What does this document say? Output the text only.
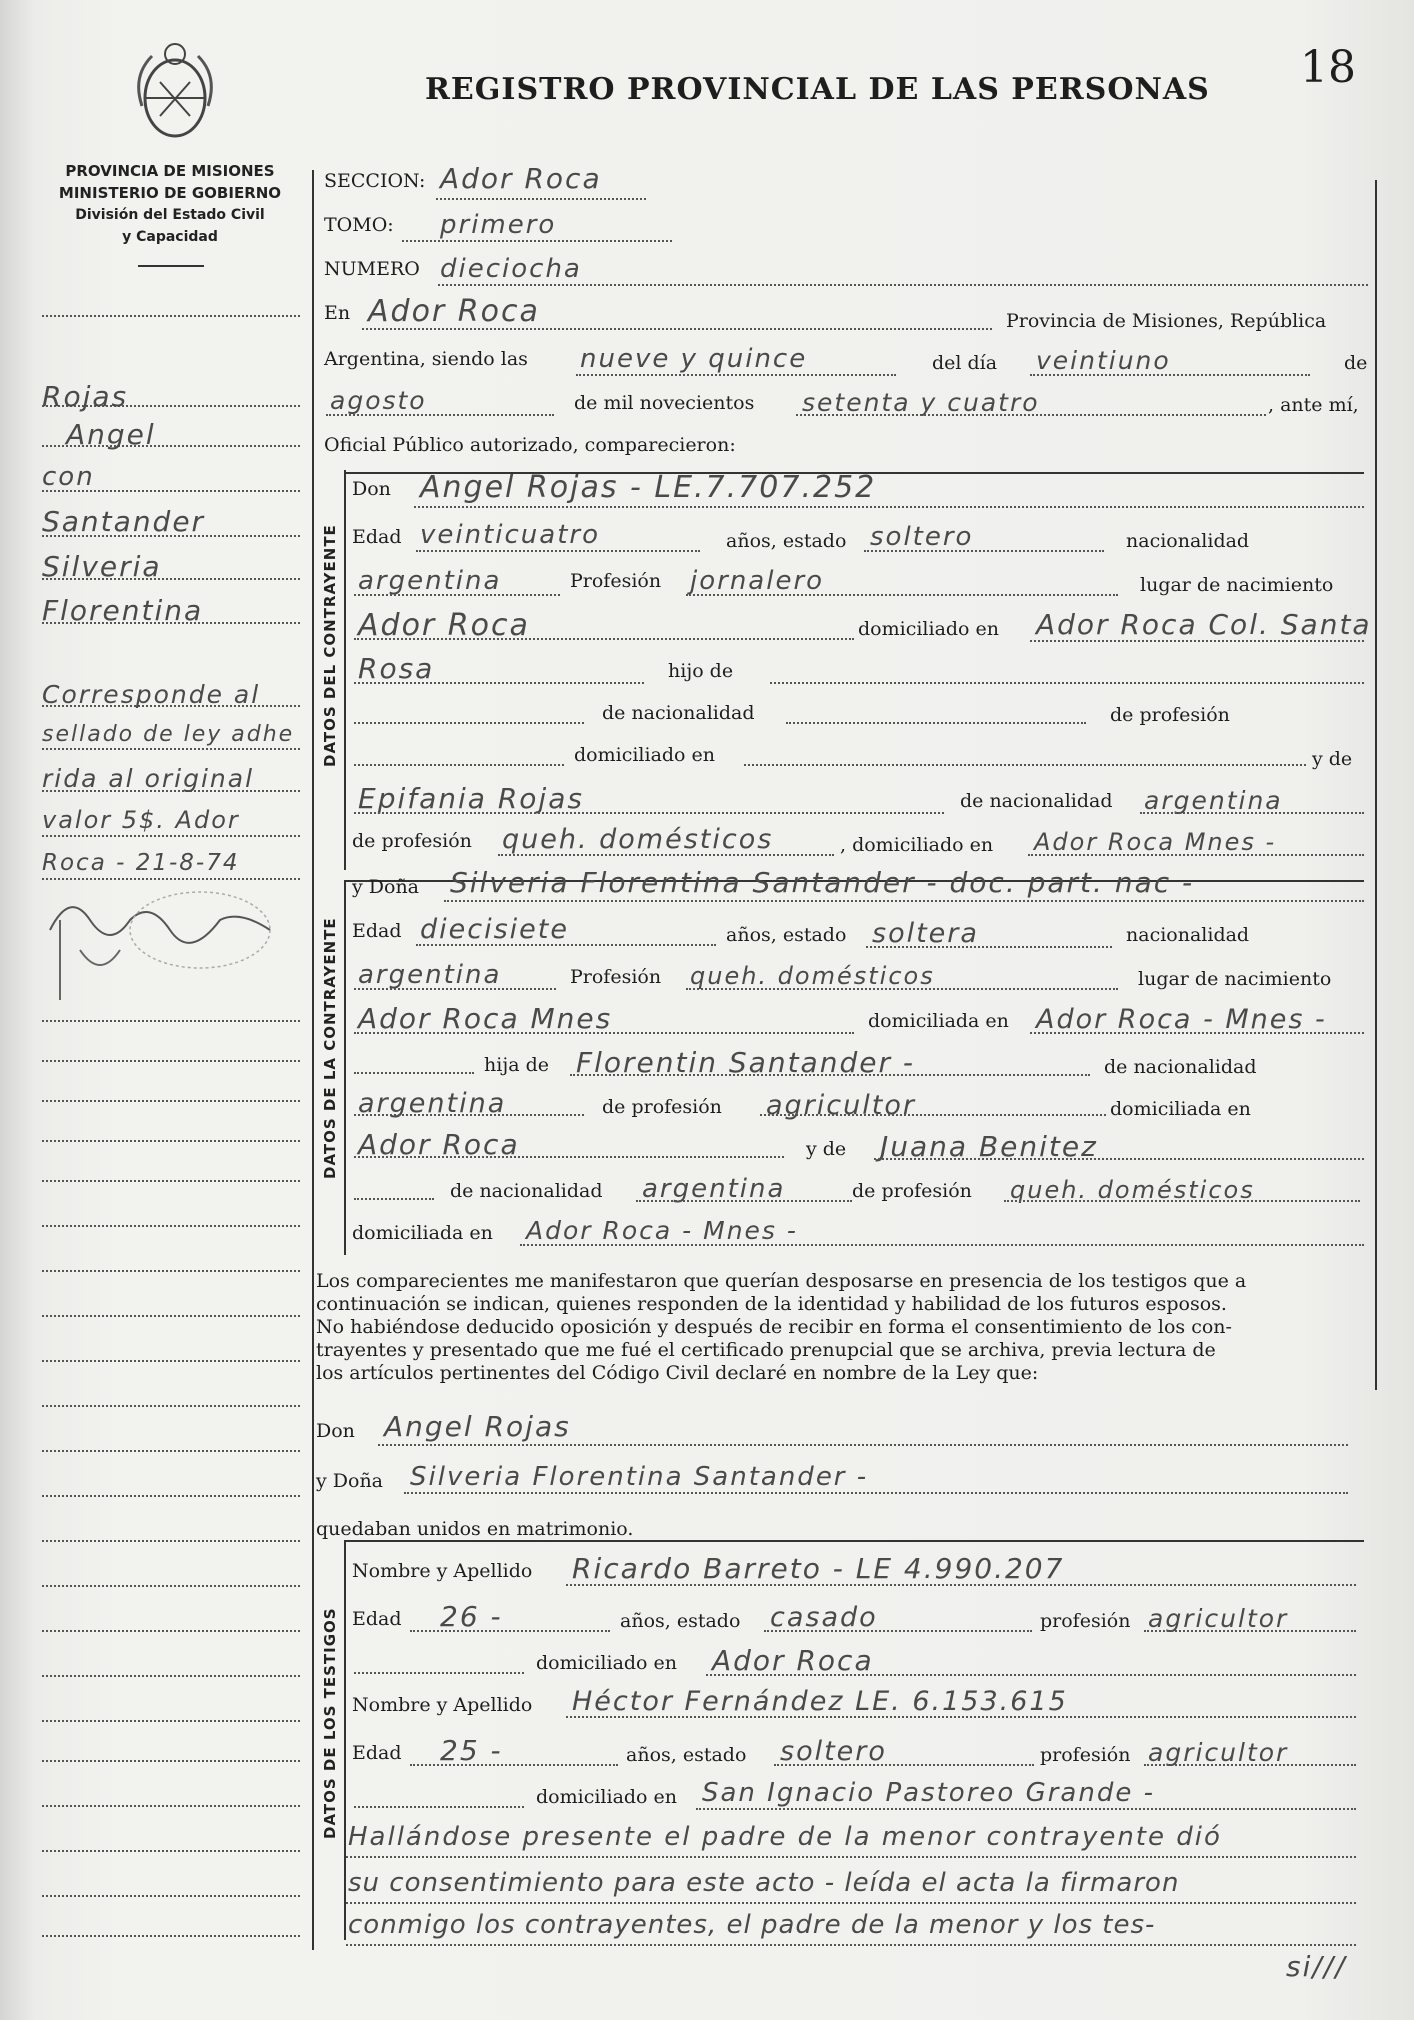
REGISTRO PROVINCIAL DE LAS PERSONAS 18
PROVINCIA DE MISIONES
MINISTERIO DE GOBIERNO
División del Estado Civil
y Capacidad
DATOS DEL CONTRAYENTE
DATOS DE LA CONTRAYENTE
DATOS DE LOS TESTIGOS
Rojas
Angel
con
Santander
Silveria
Florentina
Corresponde al
sellado de ley adhe
rida al original
valor 5$. Ador
Roca - 21-8-74
SECCION: Ador Roca
TOMO: primero
NUMERO dieciocha
En Ador Roca	Provincia de Misiones, República
Argentina, siendo las nueve y quince	del día veintiuno	de
agosto	de mil novecientos setenta y cuatro	, ante mí,
Oficial Público autorizado, comparecieron:
Don Angel Rojas - LE.7.707.252
Edad veinticuatro	años, estado soltero	nacionalidad
argentina	Profesión jornalero	lugar de nacimiento
Ador Roca	domiciliado en Ador Roca Col. Santa
Rosa	hijo de
de nacionalidad	de profesión
domiciliado en	y de
Epifania Rojas	de nacionalidad argentina
de profesión queh. domésticos	, domiciliado en Ador Roca Mnes -
y Doña Silveria Florentina Santander - doc. part. nac -
Edad diecisiete	años, estado soltera	nacionalidad
argentina	Profesión queh. domésticos	lugar de nacimiento
Ador Roca Mnes	domiciliada en Ador Roca - Mnes -
hija de Florentin Santander -	de nacionalidad
argentina	de profesión agricultor	domiciliada en
Ador Roca	y de Juana Benitez
de nacionalidad argentina	de profesión queh. domésticos
domiciliada en Ador Roca - Mnes -
Los comparecientes me manifestaron que querían desposarse en presencia de los testigos que a
continuación se indican, quienes responden de la identidad y habilidad de los futuros esposos.
No habiéndose deducido oposición y después de recibir en forma el consentimiento de los con-
trayentes y presentado que me fué el certificado prenupcial que se archiva, previa lectura de
los artículos pertinentes del Código Civil declaré en nombre de la Ley que:
Don Angel Rojas
y Doña Silveria Florentina Santander -
quedaban unidos en matrimonio.
Nombre y Apellido Ricardo Barreto - LE 4.990.207
Edad 26 -	años, estado casado	profesión agricultor
domiciliado en Ador Roca
Nombre y Apellido Héctor Fernández LE. 6.153.615
Edad 25 -	años, estado soltero	profesión agricultor
domiciliado en San Ignacio Pastoreo Grande -
Hallándose presente el padre de la menor contrayente dió
su consentimiento para este acto - leída el acta la firmaron
conmigo los contrayentes, el padre de la menor y los tes-
si///
